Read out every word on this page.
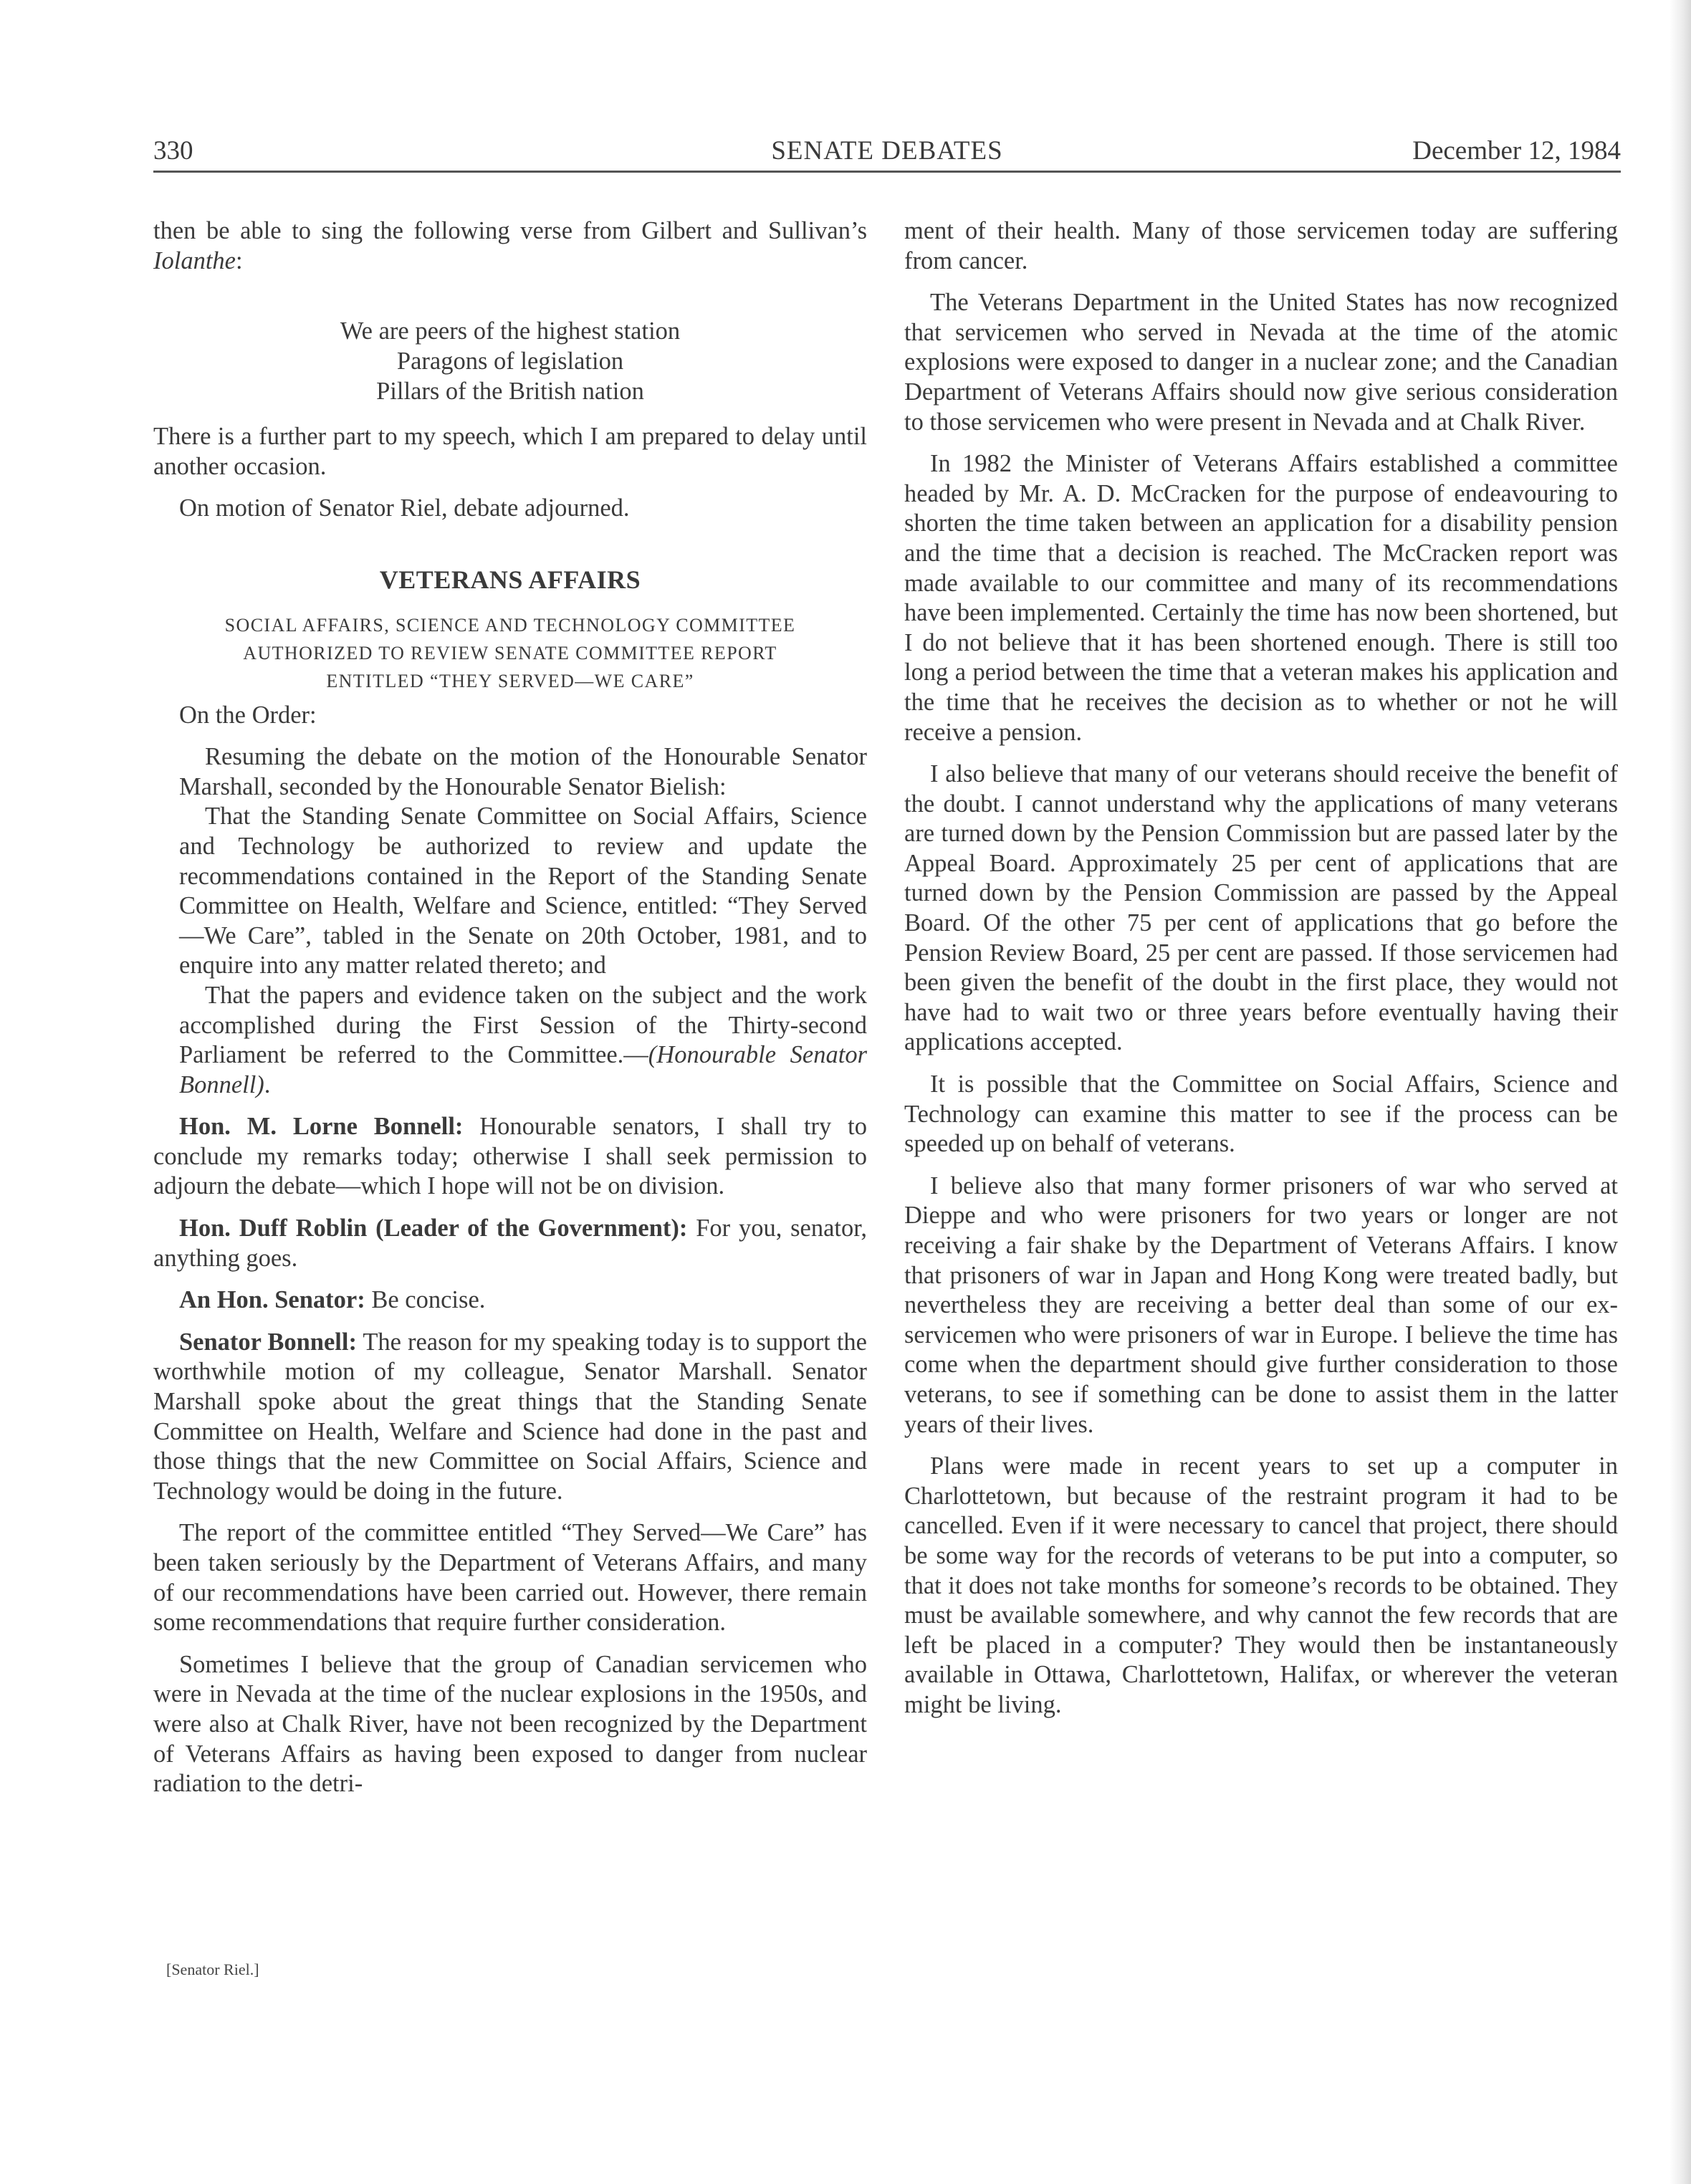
330	SENATE DEBATES	December 12, 1984

then be able to sing the following verse from Gilbert and Sullivan’s Iolanthe:

We are peers of the highest station
Paragons of legislation
Pillars of the British nation

There is a further part to my speech, which I am prepared to delay until another occasion.

On motion of Senator Riel, debate adjourned.

VETERANS AFFAIRS
SOCIAL AFFAIRS, SCIENCE AND TECHNOLOGY COMMITTEE
AUTHORIZED TO REVIEW SENATE COMMITTEE REPORT
ENTITLED “THEY SERVED—WE CARE”

On the Order:

Resuming the debate on the motion of the Honourable Senator Marshall, seconded by the Honourable Senator Bielish:

That the Standing Senate Committee on Social Affairs, Science and Technology be authorized to review and update the recommendations contained in the Report of the Standing Senate Committee on Health, Welfare and Science, entitled: “They Served—We Care”, tabled in the Senate on 20th October, 1981, and to enquire into any matter related thereto; and

That the papers and evidence taken on the subject and the work accomplished during the First Session of the Thirty-second Parliament be referred to the Committee.—(Honourable Senator Bonnell).

Hon. M. Lorne Bonnell: Honourable senators, I shall try to conclude my remarks today; otherwise I shall seek permission to adjourn the debate—which I hope will not be on division.

Hon. Duff Roblin (Leader of the Government): For you, senator, anything goes.

An Hon. Senator: Be concise.

Senator Bonnell: The reason for my speaking today is to support the worthwhile motion of my colleague, Senator Marshall. Senator Marshall spoke about the great things that the Standing Senate Committee on Health, Welfare and Science had done in the past and those things that the new Committee on Social Affairs, Science and Technology would be doing in the future.

The report of the committee entitled “They Served—We Care” has been taken seriously by the Department of Veterans Affairs, and many of our recommendations have been carried out. However, there remain some recommendations that require further consideration.

Sometimes I believe that the group of Canadian servicemen who were in Nevada at the time of the nuclear explosions in the 1950s, and were also at Chalk River, have not been recognized by the Department of Veterans Affairs as having been exposed to danger from nuclear radiation to the detri-

ment of their health. Many of those servicemen today are suffering from cancer.

The Veterans Department in the United States has now recognized that servicemen who served in Nevada at the time of the atomic explosions were exposed to danger in a nuclear zone; and the Canadian Department of Veterans Affairs should now give serious consideration to those servicemen who were present in Nevada and at Chalk River.

In 1982 the Minister of Veterans Affairs established a committee headed by Mr. A. D. McCracken for the purpose of endeavouring to shorten the time taken between an application for a disability pension and the time that a decision is reached. The McCracken report was made available to our committee and many of its recommendations have been implemented. Certainly the time has now been shortened, but I do not believe that it has been shortened enough. There is still too long a period between the time that a veteran makes his application and the time that he receives the decision as to whether or not he will receive a pension.

I also believe that many of our veterans should receive the benefit of the doubt. I cannot understand why the applications of many veterans are turned down by the Pension Commission but are passed later by the Appeal Board. Approximately 25 per cent of applications that are turned down by the Pension Commission are passed by the Appeal Board. Of the other 75 per cent of applications that go before the Pension Review Board, 25 per cent are passed. If those servicemen had been given the benefit of the doubt in the first place, they would not have had to wait two or three years before eventually having their applications accepted.

It is possible that the Committee on Social Affairs, Science and Technology can examine this matter to see if the process can be speeded up on behalf of veterans.

I believe also that many former prisoners of war who served at Dieppe and who were prisoners for two years or longer are not receiving a fair shake by the Department of Veterans Affairs. I know that prisoners of war in Japan and Hong Kong were treated badly, but nevertheless they are receiving a better deal than some of our ex-servicemen who were prisoners of war in Europe. I believe the time has come when the department should give further consideration to those veterans, to see if something can be done to assist them in the latter years of their lives.

Plans were made in recent years to set up a computer in Charlottetown, but because of the restraint program it had to be cancelled. Even if it were necessary to cancel that project, there should be some way for the records of veterans to be put into a computer, so that it does not take months for someone’s records to be obtained. They must be available somewhere, and why cannot the few records that are left be placed in a computer? They would then be instantaneously available in Ottawa, Charlottetown, Halifax, or wherever the veteran might be living.

[Senator Riel.]
